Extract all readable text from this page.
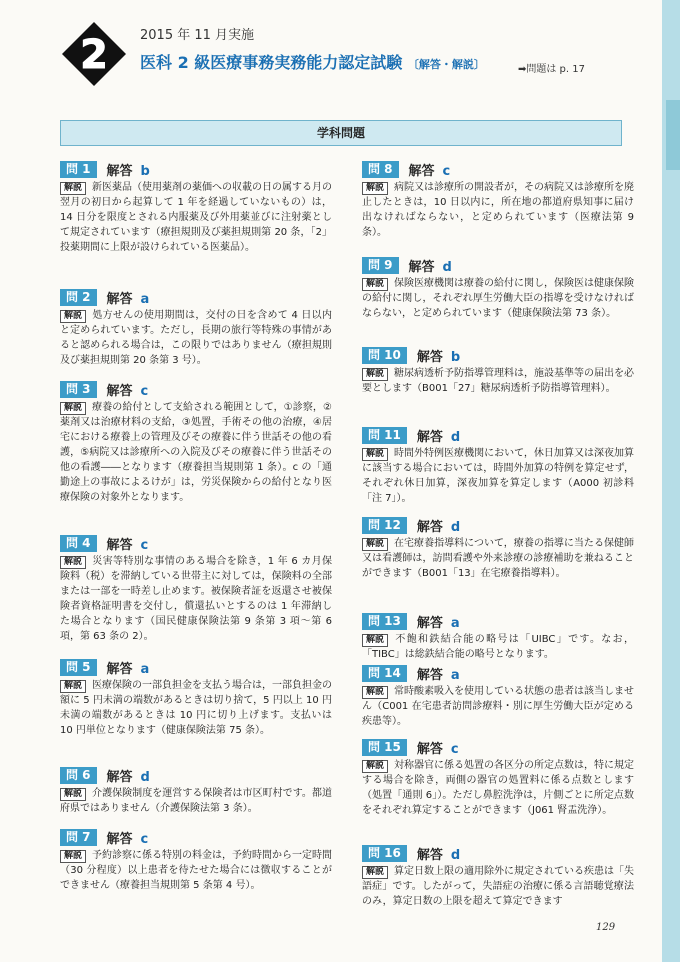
2 2015 年 11 月実施
医科 2 級医療事務実務能力認定試験 〔解答・解説〕	➡問題は p. 17
学科問題
問 1	解答 b
解説 新医薬品（使用薬剤の薬価への収載の日の属する月の翌月の初日から起算して 1 年を経過していないもの）は，14 日分を限度とされる内服薬及び外用薬並びに注射薬として規定されています（療担規則及び薬担規則第 20 条，「2」投薬期間に上限が設けられている医薬品）。
問 2	解答 a
解説 処方せんの使用期間は，交付の日を含めて 4 日以内と定められています。ただし，長期の旅行等特殊の事情があると認められる場合は，この限りではありません（療担規則及び薬担規則第 20 条第 3 号）。
問 3	解答 c
解説 療養の給付として支給される範囲として，①診察，②薬剤又は治療材料の支給，③処置，手術その他の治療，④居宅における療養上の管理及びその療養に伴う世話その他の看護，⑤病院又は診療所への入院及びその療養に伴う世話その他の看護――となります（療養担当規則第 1 条）。c の「通勤途上の事故によるけが」は，労災保険からの給付となり医療保険の対象外となります。
問 4	解答 c
解説 災害等特別な事情のある場合を除き，1 年 6 カ月保険料（税）を滞納している世帯主に対しては，保険料の全部または一部を一時差し止めます。被保険者証を返還させ被保険者資格証明書を交付し，償還払いとするのは 1 年滞納した場合となります（国民健康保険法第 9 条第 3 項～第 6 項，第 63 条の 2）。
問 5	解答 a
解説 医療保険の一部負担金を支払う場合は，一部負担金の額に 5 円未満の端数があるときは切り捨て，5 円以上 10 円未満の端数があるときは 10 円に切り上げます。支払いは 10 円単位となります（健康保険法第 75 条）。
問 6	解答 d
解説 介護保険制度を運営する保険者は市区町村です。都道府県ではありません（介護保険法第 3 条）。
問 7	解答 c
解説 予約診察に係る特別の料金は，予約時間から一定時間（30 分程度）以上患者を待たせた場合には徴収することができません（療養担当規則第 5 条第 4 号）。
問 8	解答 c
解説 病院又は診療所の開設者が，その病院又は診療所を廃止したときは，10 日以内に，所在地の都道府県知事に届け出なければならない，と定められています（医療法第 9 条）。
問 9	解答 d
解説 保険医療機関は療養の給付に関し，保険医は健康保険の給付に関し，それぞれ厚生労働大臣の指導を受けなければならない，と定められています（健康保険法第 73 条）。
問 10	解答 b
解説 糖尿病透析予防指導管理料は，施設基準等の届出を必要とします（B001「27」糖尿病透析予防指導管理料）。
問 11	解答 d
解説 時間外特例医療機関において，休日加算又は深夜加算に該当する場合においては，時間外加算の特例を算定せず，それぞれ休日加算，深夜加算を算定します（A000 初診料「注 7」）。
問 12	解答 d
解説 在宅療養指導料について，療養の指導に当たる保健師又は看護師は，訪問看護や外来診療の診療補助を兼ねることができます（B001「13」在宅療養指導料）。
問 13	解答 a
解説 不飽和鉄結合能の略号は「UIBC」です。なお，「TIBC」は総鉄結合能の略号となります。
問 14	解答 a
解説 常時酸素吸入を使用している状態の患者は該当しません（C001 在宅患者訪問診療料・別に厚生労働大臣が定める疾患等）。
問 15	解答 c
解説 対称器官に係る処置の各区分の所定点数は，特に規定する場合を除き，両側の器官の処置料に係る点数とします（処置「通則 6」）。ただし鼻腔洗浄は，片側ごとに所定点数をそれぞれ算定することができます（J061 腎盂洗浄）。
問 16	解答 d
解説 算定日数上限の適用除外に規定されている疾患は「失語症」です。したがって，失語症の治療に係る言語聴覚療法のみ，算定日数の上限を超えて算定できます
129
